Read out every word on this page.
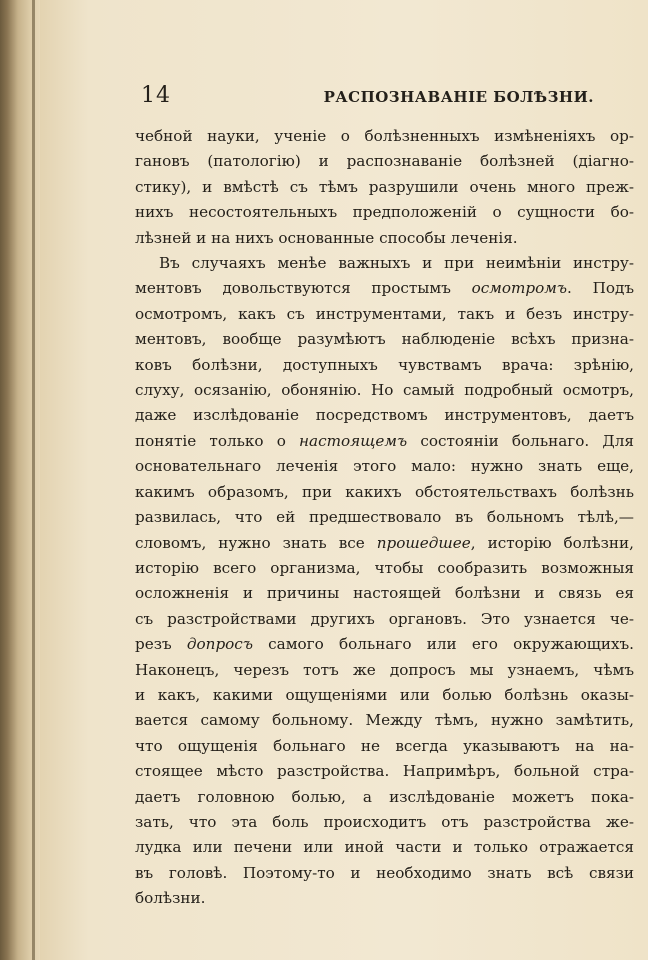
14	РАСПОЗНАВАНІЕ БОЛѢЗНИ.
чебной науки, ученіе о болѣзненныхъ измѣненіяхъ ор-
гановъ (патологію) и распознаваніе болѣзней (діагно-
стику), и вмѣстѣ съ тѣмъ разрушили очень много преж-
нихъ несостоятельныхъ предположеній о сущности бо-
лѣзней и на нихъ основанные способы леченія.
Въ случаяхъ менѣе важныхъ и при неимѣніи инстру-
ментовъ довольствуются простымъ осмотромъ. Подъ
осмотромъ, какъ съ инструментами, такъ и безъ инстру-
ментовъ, вообще разумѣютъ наблюденіе всѣхъ призна-
ковъ болѣзни, доступныхъ чувствамъ врача: зрѣнію,
слуху, осязанію, обонянію. Но самый подробный осмотръ,
даже изслѣдованіе посредствомъ инструментовъ, даетъ
понятіе только о настоящемъ состояніи больнаго. Для
основательнаго леченія этого мало: нужно знать еще,
какимъ образомъ, при какихъ обстоятельствахъ болѣзнь
развилась, что ей предшествовало въ больномъ тѣлѣ,—
словомъ, нужно знать все прошедшее, исторію болѣзни,
исторію всего организма, чтобы сообразить возможныя
осложненія и причины настоящей болѣзни и связь ея
съ разстройствами другихъ органовъ. Это узнается че-
резъ допросъ самого больнаго или его окружающихъ.
Наконецъ, черезъ тотъ же допросъ мы узнаемъ, чѣмъ
и какъ, какими ощущеніями или болью болѣзнь оказы-
вается самому больному. Между тѣмъ, нужно замѣтить,
что ощущенія больнаго не всегда указываютъ на на-
стоящее мѣсто разстройства. Напримѣръ, больной стра-
даетъ головною болью, а изслѣдованіе можетъ пока-
зать, что эта боль происходитъ отъ разстройства же-
лудка или печени или иной части и только отражается
въ головѣ. Поэтому-то и необходимо знать всѣ связи
болѣзни.
